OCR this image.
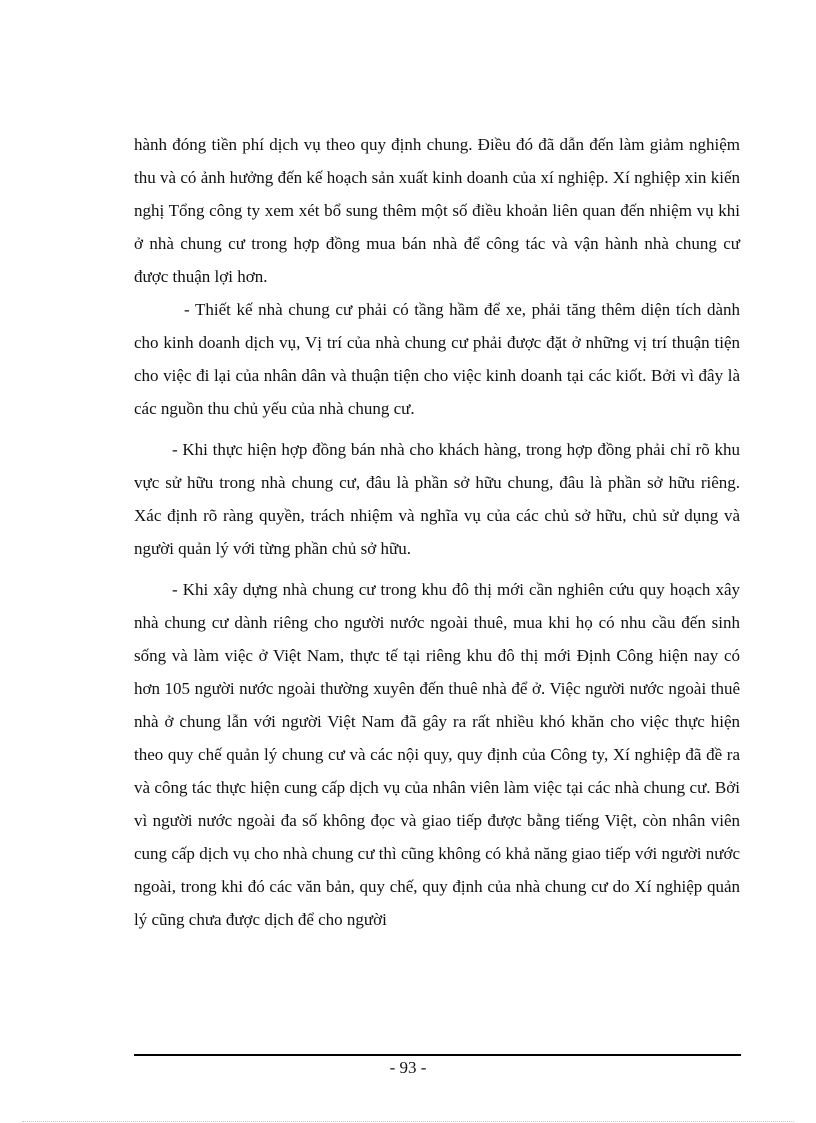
hành đóng tiền phí dịch vụ theo quy định chung. Điều đó đã dẫn đến làm giảm nghiệm thu và có ảnh hưởng đến kế hoạch sản xuất kinh doanh của xí nghiệp. Xí nghiệp xin kiến nghị Tổng công ty xem xét bổ sung thêm một số điều khoản liên quan đến nhiệm vụ khi ở nhà chung cư trong hợp đồng mua bán nhà để công tác và vận hành nhà chung cư được thuận lợi hơn.

- Thiết kế nhà chung cư phải có tầng hầm để xe, phải tăng thêm diện tích dành cho kinh doanh dịch vụ, Vị trí của nhà chung cư phải được đặt ở những vị trí thuận tiện cho việc đi lại của nhân dân và thuận tiện cho việc kinh doanh tại các kiốt. Bởi vì đây là các nguồn thu chủ yếu của nhà chung cư.

- Khi thực hiện hợp đồng bán nhà cho khách hàng, trong hợp đồng phải chỉ rõ khu vực sử hữu trong nhà chung cư, đâu là phần sở hữu chung, đâu là phần sở hữu riêng. Xác định rõ ràng quyền, trách nhiệm và nghĩa vụ của các chủ sở hữu, chủ sử dụng và người quản lý với từng phần chủ sở hữu.

- Khi xây dựng nhà chung cư trong khu đô thị mới cần nghiên cứu quy hoạch xây nhà chung cư dành riêng cho người nước ngoài thuê, mua khi họ có nhu cầu đến sinh sống và làm việc ở Việt Nam, thực tế tại riêng khu đô thị mới Định Công hiện nay có hơn 105 người nước ngoài thường xuyên đến thuê nhà để ở. Việc người nước ngoài thuê nhà ở chung lẫn với người Việt Nam đã gây ra rất nhiều khó khăn cho việc thực hiện theo quy chế quản lý chung cư và các nội quy, quy định của Công ty, Xí nghiệp đã đề ra và công tác thực hiện cung cấp dịch vụ của nhân viên làm việc tại các nhà chung cư. Bởi vì người nước ngoài đa số không đọc và giao tiếp được bằng tiếng Việt, còn nhân viên cung cấp dịch vụ cho nhà chung cư thì cũng không có khả năng giao tiếp với người nước ngoài, trong khi đó các văn bản, quy chế, quy định của nhà chung cư do Xí nghiệp quản lý cũng chưa được dịch để cho người

- 93 -
